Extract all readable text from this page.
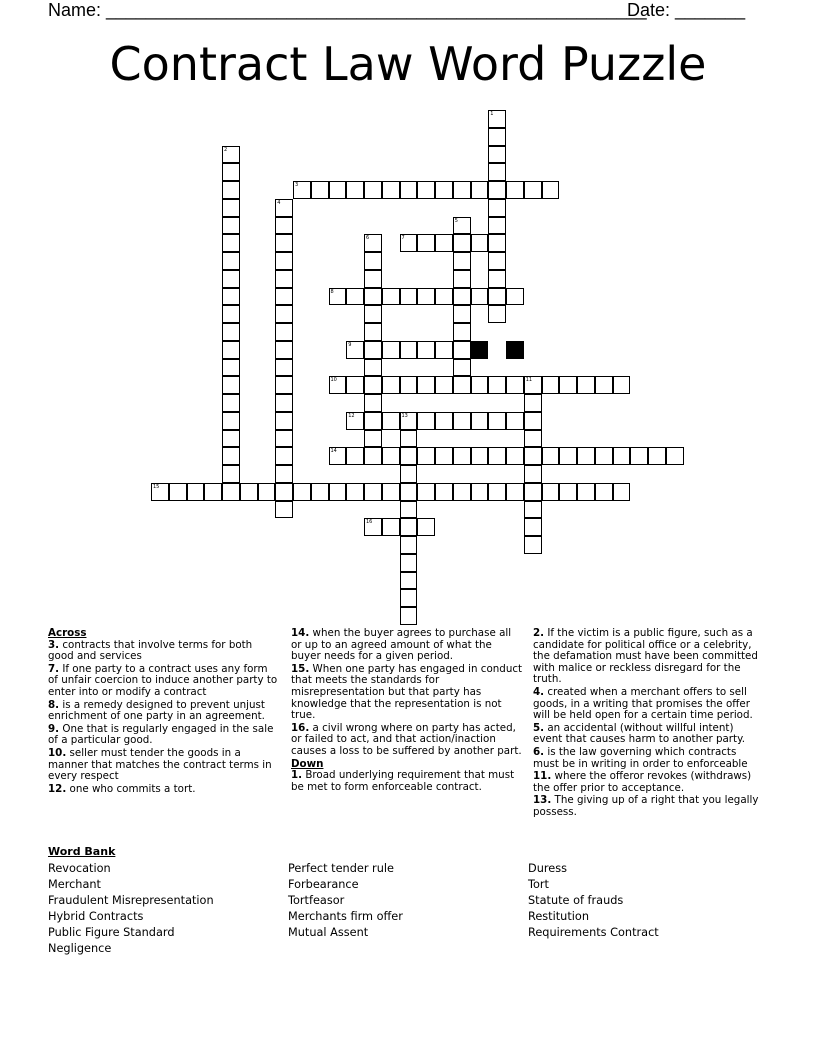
Name: ______________________________________________________
Date: _______
Contract Law Word Puzzle
1
2
3
4
5
6	7
8
9
10	11
12	13
14
15
16
Across
3. contracts that involve terms for both good and services
7. If one party to a contract uses any form of unfair coercion to induce another party to enter into or modify a contract
8. is a remedy designed to prevent unjust enrichment of one party in an agreement.
9. One that is regularly engaged in the sale of a particular good.
10. seller must tender the goods in a manner that matches the contract terms in every respect
12. one who commits a tort.
14. when the buyer agrees to purchase all or up to an agreed amount of what the buyer needs for a given period.
15. When one party has engaged in conduct that meets the standards for misrepresentation but that party has knowledge that the representation is not true.
16. a civil wrong where on party has acted, or failed to act, and that action/inaction causes a loss to be suffered by another part.
Down
1. Broad underlying requirement that must be met to form enforceable contract.
2. If the victim is a public figure, such as a candidate for political office or a celebrity, the defamation must have been committed with malice or reckless disregard for the truth.
4. created when a merchant offers to sell goods, in a writing that promises the offer will be held open for a certain time period.
5. an accidental (without willful intent) event that causes harm to another party.
6. is the law governing which contracts must be in writing in order to enforceable
11. where the offeror revokes (withdraws) the offer prior to acceptance.
13. The giving up of a right that you legally possess.
Word Bank
Revocation
Merchant
Fraudulent Misrepresentation
Hybrid Contracts
Public Figure Standard
Negligence
Perfect tender rule
Forbearance
Tortfeasor
Merchants firm offer
Mutual Assent
Duress
Tort
Statute of frauds
Restitution
Requirements Contract
